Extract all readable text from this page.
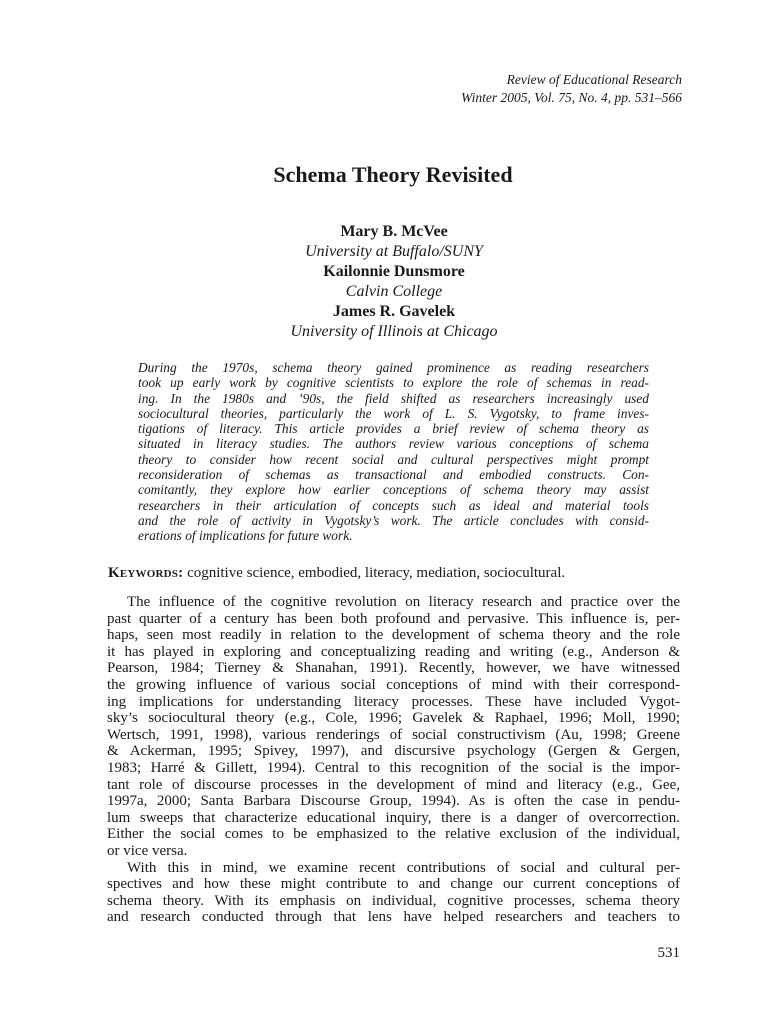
Review of Educational Research
Winter 2005, Vol. 75, No. 4, pp. 531–566
Schema Theory Revisited
Mary B. McVee
University at Buffalo/SUNY
Kailonnie Dunsmore
Calvin College
James R. Gavelek
University of Illinois at Chicago
During the 1970s, schema theory gained prominence as reading researchers
took up early work by cognitive scientists to explore the role of schemas in read-
ing. In the 1980s and ’90s, the field shifted as researchers increasingly used
sociocultural theories, particularly the work of L. S. Vygotsky, to frame inves-
tigations of literacy. This article provides a brief review of schema theory as
situated in literacy studies. The authors review various conceptions of schema
theory to consider how recent social and cultural perspectives might prompt
reconsideration of schemas as transactional and embodied constructs. Con-
comitantly, they explore how earlier conceptions of schema theory may assist
researchers in their articulation of concepts such as ideal and material tools
and the role of activity in Vygotsky’s work. The article concludes with consid-
erations of implications for future work.
Keywords: cognitive science, embodied, literacy, mediation, sociocultural.

The influence of the cognitive revolution on literacy research and practice over the
past quarter of a century has been both profound and pervasive. This influence is, per-
haps, seen most readily in relation to the development of schema theory and the role
it has played in exploring and conceptualizing reading and writing (e.g., Anderson &
Pearson, 1984; Tierney & Shanahan, 1991). Recently, however, we have witnessed
the growing influence of various social conceptions of mind with their correspond-
ing implications for understanding literacy processes. These have included Vygot-
sky’s sociocultural theory (e.g., Cole, 1996; Gavelek & Raphael, 1996; Moll, 1990;
Wertsch, 1991, 1998), various renderings of social constructivism (Au, 1998; Greene
& Ackerman, 1995; Spivey, 1997), and discursive psychology (Gergen & Gergen,
1983; Harré & Gillett, 1994). Central to this recognition of the social is the impor-
tant role of discourse processes in the development of mind and literacy (e.g., Gee,
1997a, 2000; Santa Barbara Discourse Group, 1994). As is often the case in pendu-
lum sweeps that characterize educational inquiry, there is a danger of overcorrection.
Either the social comes to be emphasized to the relative exclusion of the individual,
or vice versa.

With this in mind, we examine recent contributions of social and cultural per-
spectives and how these might contribute to and change our current conceptions of
schema theory. With its emphasis on individual, cognitive processes, schema theory
and research conducted through that lens have helped researchers and teachers to

531
